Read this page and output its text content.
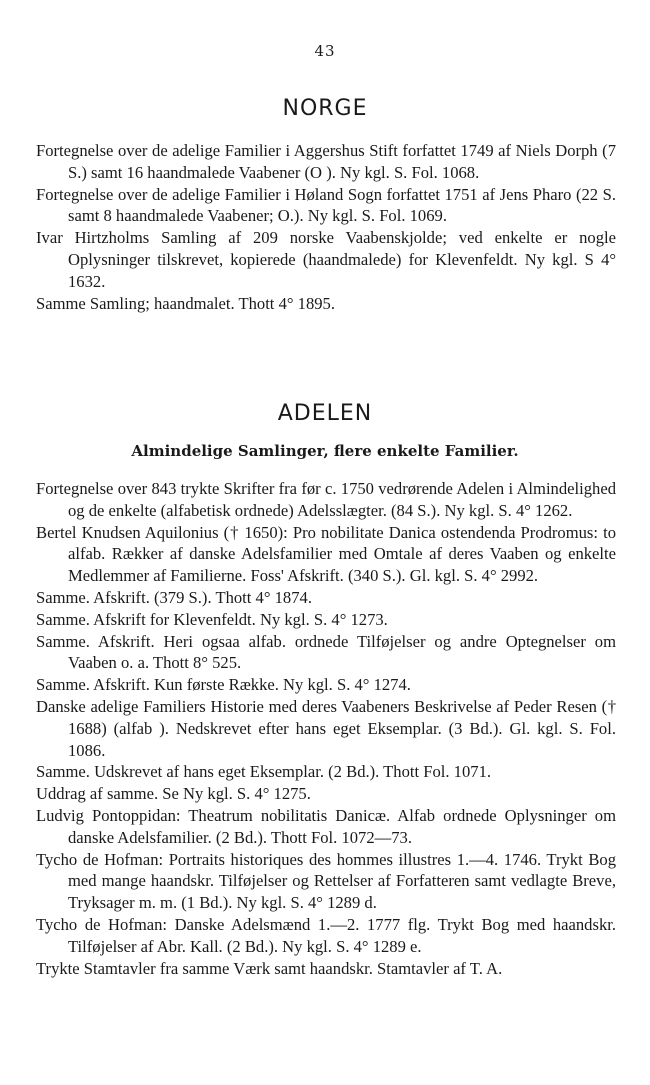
43
NORGE

Fortegnelse over de adelige Familier i Aggershus Stift forfattet 1749 af Niels Dorph (7 S.) samt 16 haandmalede Vaabener (O ). Ny kgl. S. Fol. 1068.

Fortegnelse over de adelige Familier i Høland Sogn forfattet 1751 af Jens Pharo (22 S. samt 8 haandmalede Vaabener; O.). Ny kgl. S. Fol. 1069.

Ivar Hirtzholms Samling af 209 norske Vaabenskjolde; ved enkelte er nogle Oplysninger tilskrevet, kopierede (haandmalede) for Klevenfeldt. Ny kgl. S 4° 1632.

Samme Samling; haandmalet. Thott 4° 1895.

ADELEN
Almindelige Samlinger, flere enkelte Familier.

Fortegnelse over 843 trykte Skrifter fra før c. 1750 vedrørende Adelen i Almindelighed og de enkelte (alfabetisk ordnede) Adelsslægter. (84 S.). Ny kgl. S. 4° 1262.

Bertel Knudsen Aquilonius († 1650): Pro nobilitate Danica ostendenda Prodromus: to alfab. Rækker af danske Adelsfamilier med Omtale af deres Vaaben og enkelte Medlemmer af Familierne. Foss' Afskrift. (340 S.). Gl. kgl. S. 4° 2992.

Samme. Afskrift. (379 S.). Thott 4° 1874.

Samme. Afskrift for Klevenfeldt. Ny kgl. S. 4° 1273.

Samme. Afskrift. Heri ogsaa alfab. ordnede Tilføjelser og andre Optegnelser om Vaaben o. a. Thott 8° 525.

Samme. Afskrift. Kun første Række. Ny kgl. S. 4° 1274.

Danske adelige Familiers Historie med deres Vaabeners Beskrivelse af Peder Resen († 1688) (alfab ). Nedskrevet efter hans eget Eksemplar. (3 Bd.). Gl. kgl. S. Fol. 1086.

Samme. Udskrevet af hans eget Eksemplar. (2 Bd.). Thott Fol. 1071.

Uddrag af samme. Se Ny kgl. S. 4° 1275.

Ludvig Pontoppidan: Theatrum nobilitatis Danicæ. Alfab ordnede Oplysninger om danske Adelsfamilier. (2 Bd.). Thott Fol. 1072—73.

Tycho de Hofman: Portraits historiques des hommes illustres 1.—4. 1746. Trykt Bog med mange haandskr. Tilføjelser og Rettelser af Forfatteren samt vedlagte Breve, Tryksager m. m. (1 Bd.). Ny kgl. S. 4° 1289 d.

Tycho de Hofman: Danske Adelsmænd 1.—2. 1777 flg. Trykt Bog med haandskr. Tilføjelser af Abr. Kall. (2 Bd.). Ny kgl. S. 4° 1289 e.

Trykte Stamtavler fra samme Værk samt haandskr. Stamtavler af T. A.
